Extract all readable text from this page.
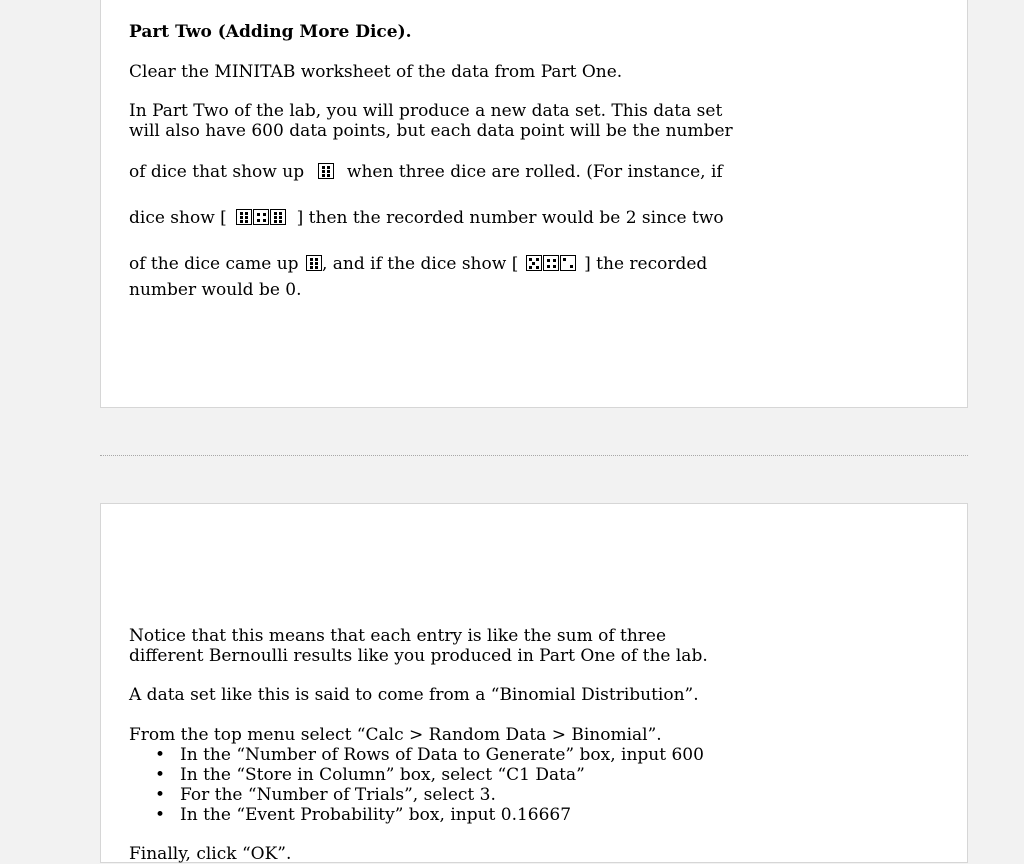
Part Two (Adding More Dice).
Clear the MINITAB worksheet of the data from Part One.
In Part Two of the lab, you will produce a new data set. This data set
will also have 600 data points, but each data point will be the number
of dice that show up	when three dice are rolled. (For instance, if
dice show [	] then the recorded number would be 2 since two
of the dice came up , and if the dice show [	] the recorded
number would be 0.
Notice that this means that each entry is like the sum of three
different Bernoulli results like you produced in Part One of the lab.
A data set like this is said to come from a “Binomial Distribution”.
From the top menu select “Calc > Random Data > Binomial”.
• In the “Number of Rows of Data to Generate” box, input 600
• In the “Store in Column” box, select “C1 Data”
• For the “Number of Trials”, select 3.
• In the “Event Probability” box, input 0.16667
Finally, click “OK”.
